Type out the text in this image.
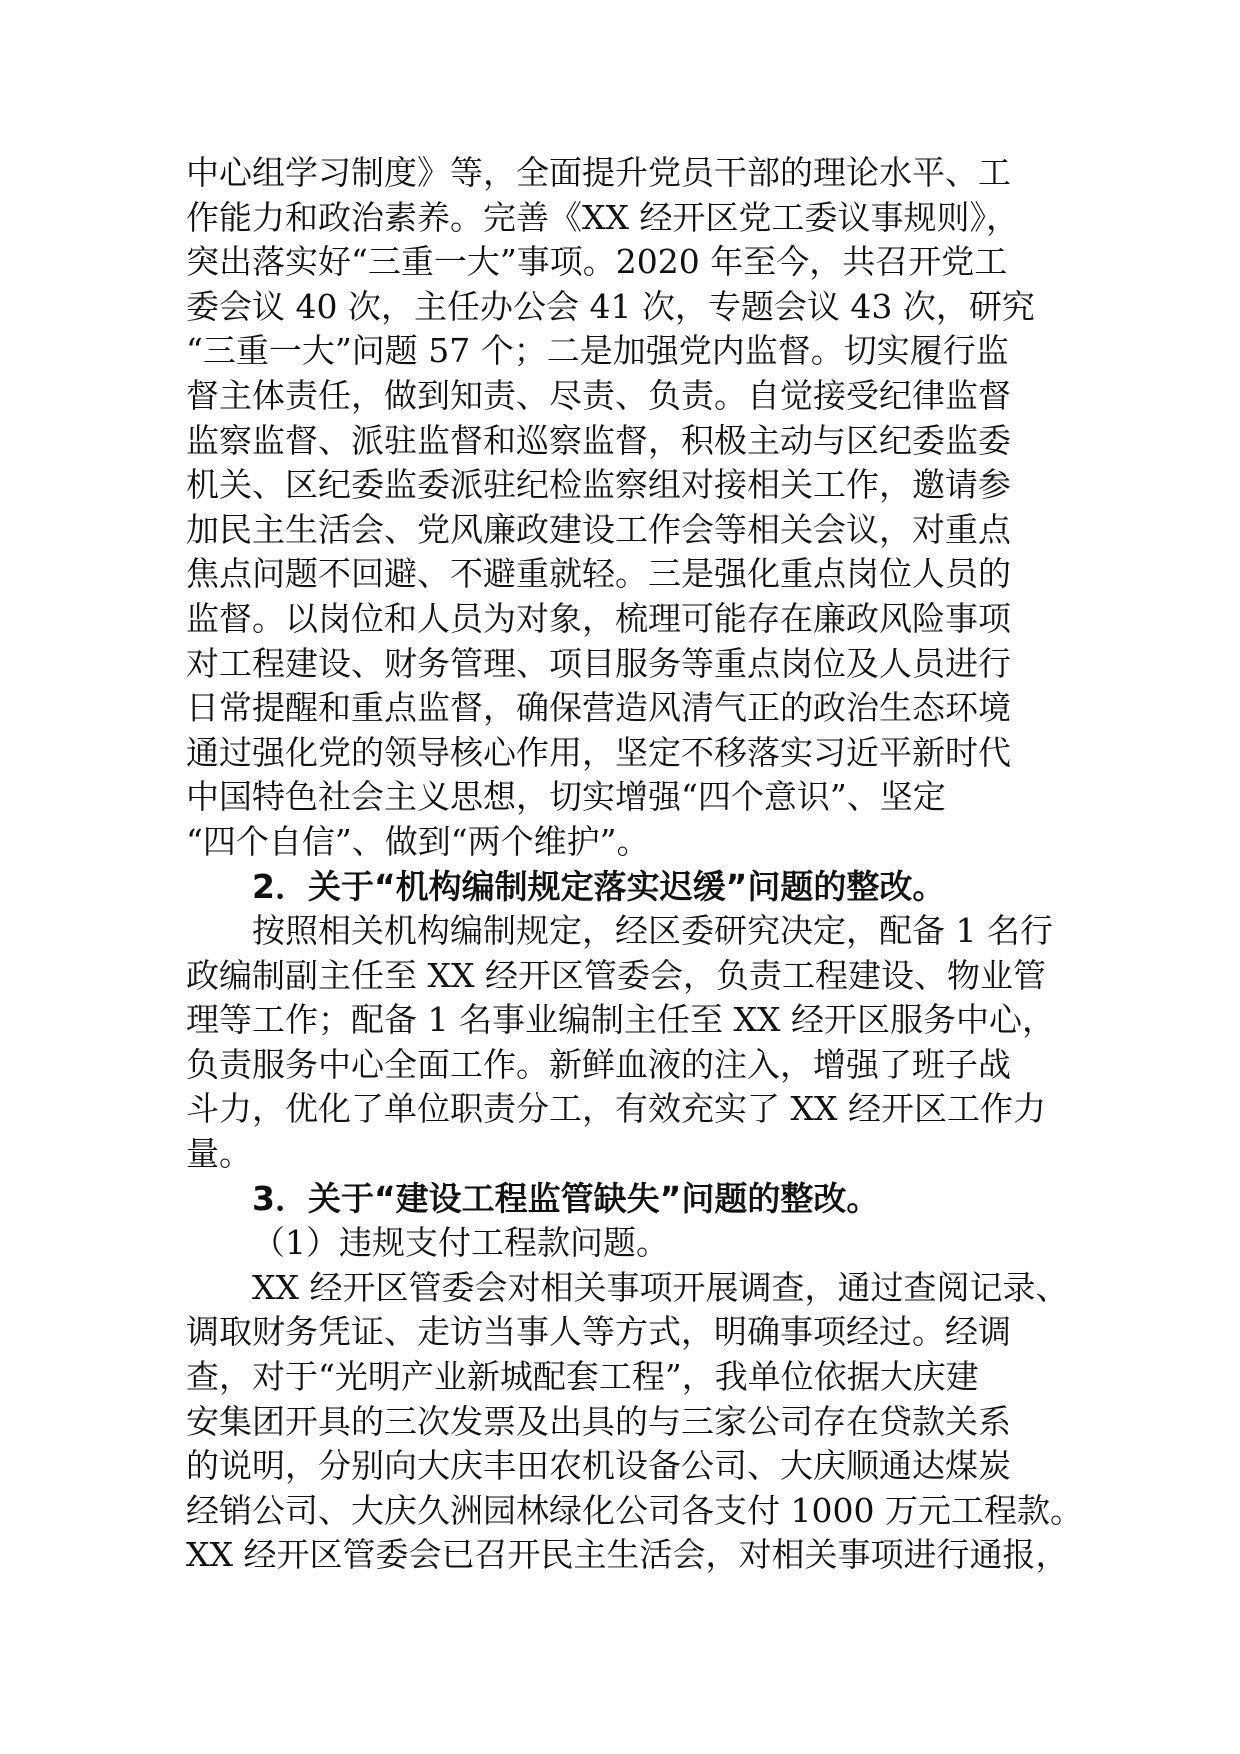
中心组学习制度》等，全面提升党员干部的理论水平、工
作能力和政治素养。完善《XX 经开区党工委议事规则》，
突出落实好“三重一大”事项。2020 年至今，共召开党工
委会议 40 次，主任办公会 41 次，专题会议 43 次，研究
“三重一大”问题 57 个；二是加强党内监督。切实履行监
督主体责任，做到知责、尽责、负责。自觉接受纪律监督
监察监督、派驻监督和巡察监督，积极主动与区纪委监委
机关、区纪委监委派驻纪检监察组对接相关工作，邀请参
加民主生活会、党风廉政建设工作会等相关会议，对重点
焦点问题不回避、不避重就轻。三是强化重点岗位人员的
监督。以岗位和人员为对象，梳理可能存在廉政风险事项
对工程建设、财务管理、项目服务等重点岗位及人员进行
日常提醒和重点监督，确保营造风清气正的政治生态环境
通过强化党的领导核心作用，坚定不移落实习近平新时代
中国特色社会主义思想，切实增强“四个意识”、坚定
“四个自信”、做到“两个维护”。
2．关于“机构编制规定落实迟缓”问题的整改。
按照相关机构编制规定，经区委研究决定，配备 1 名行
政编制副主任至 XX 经开区管委会，负责工程建设、物业管
理等工作；配备 1 名事业编制主任至 XX 经开区服务中心，
负责服务中心全面工作。新鲜血液的注入，增强了班子战
斗力，优化了单位职责分工，有效充实了 XX 经开区工作力
量。
3．关于“建设工程监管缺失”问题的整改。
（1）违规支付工程款问题。
XX 经开区管委会对相关事项开展调查，通过查阅记录、
调取财务凭证、走访当事人等方式，明确事项经过。经调
查，对于“光明产业新城配套工程”，我单位依据大庆建
安集团开具的三次发票及出具的与三家公司存在贷款关系
的说明，分别向大庆丰田农机设备公司、大庆顺通达煤炭
经销公司、大庆久洲园林绿化公司各支付 1000 万元工程款。
XX 经开区管委会已召开民主生活会，对相关事项进行通报，
